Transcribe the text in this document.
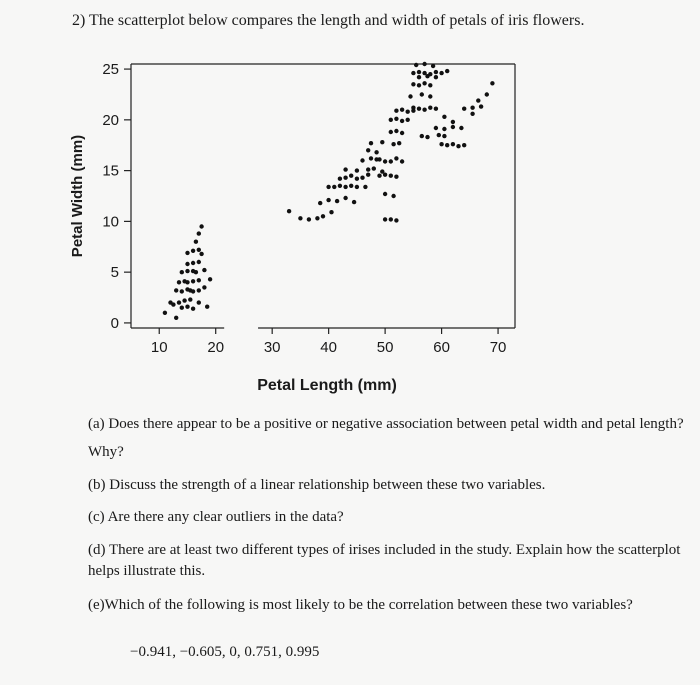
2) The scatterplot below compares the length and width of petals of iris flowers.
10	20	30	40	50	60	70
0
5
10
15
20
25
Petal Length (mm)
Petal Width (mm)
(a) Does there appear to be a positive or negative association between petal width and petal length? Why?
(b) Discuss the strength of a linear relationship between these two variables.
(c) Are there any clear outliers in the data?
(d) There are at least two different types of irises included in the study. Explain how the scatterplot helps illustrate this.
(e)Which of the following is most likely to be the correlation between these two variables?
−0.941, −0.605, 0, 0.751, 0.995
